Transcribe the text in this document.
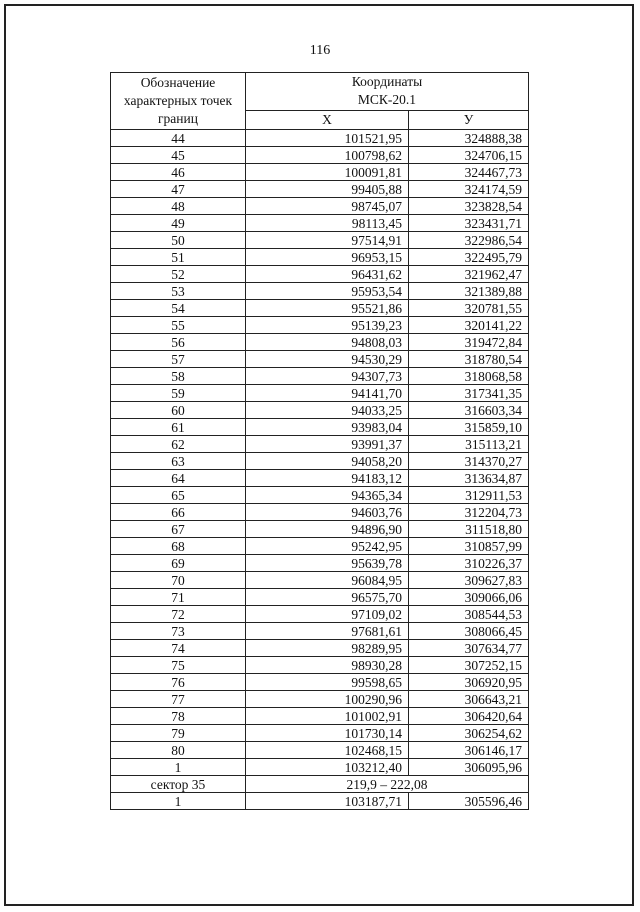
116
Обозначение
характерных точек
границ	Координаты
МСК-20.1	
	X	У
44	101521,95	324888,38
45	100798,62	324706,15
46	100091,81	324467,73
47	99405,88	324174,59
48	98745,07	323828,54
49	98113,45	323431,71
50	97514,91	322986,54
51	96953,15	322495,79
52	96431,62	321962,47
53	95953,54	321389,88
54	95521,86	320781,55
55	95139,23	320141,22
56	94808,03	319472,84
57	94530,29	318780,54
58	94307,73	318068,58
59	94141,70	317341,35
60	94033,25	316603,34
61	93983,04	315859,10
62	93991,37	315113,21
63	94058,20	314370,27
64	94183,12	313634,87
65	94365,34	312911,53
66	94603,76	312204,73
67	94896,90	311518,80
68	95242,95	310857,99
69	95639,78	310226,37
70	96084,95	309627,83
71	96575,70	309066,06
72	97109,02	308544,53
73	97681,61	308066,45
74	98289,95	307634,77
75	98930,28	307252,15
76	99598,65	306920,95
77	100290,96	306643,21
78	101002,91	306420,64
79	101730,14	306254,62
80	102468,15	306146,17
1	103212,40	306095,96
сектор 35	219,9 – 222,08	
1	103187,71	305596,46
